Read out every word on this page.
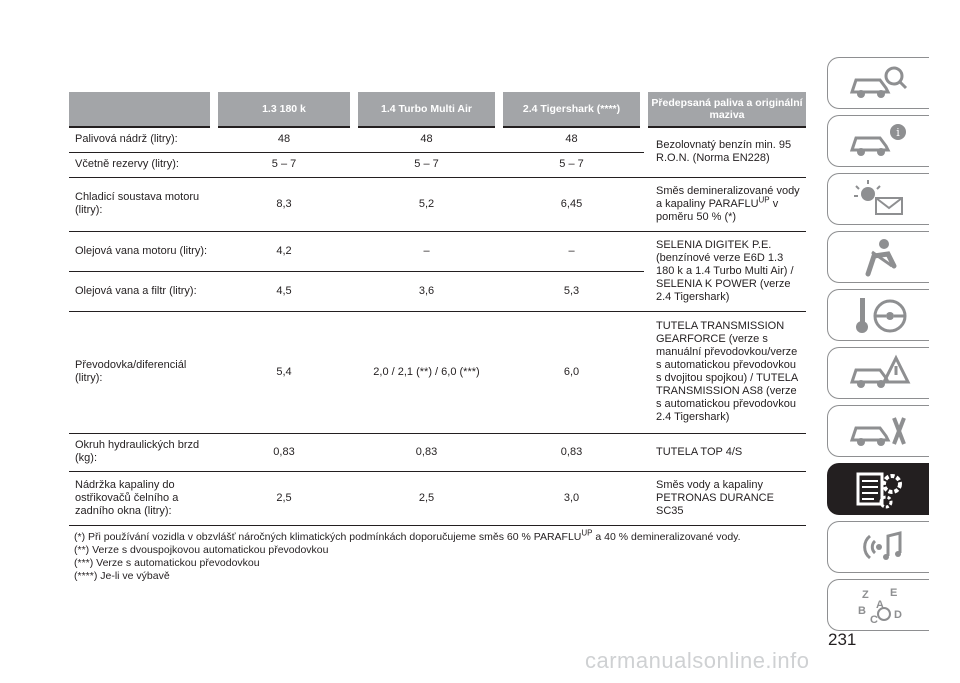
	1.3 180 k	1.4 Turbo Multi Air	2.4 Tigershark (****)	Předepsaná paliva a originální maziva
Palivová nádrž (litry):	48	48	48	Bezolovnatý benzín min. 95 R.O.N. (Norma EN228)
Včetně rezervy (litry):	5 – 7	5 – 7	5 – 7	
Chladicí soustava motoru (litry):	8,3	5,2	6,45	Směs demineralizované vody a kapaliny $PARAFLU^{UP}$ v poměru 50 % (*)
Olejová vana motoru (litry):	4,2	–	–	SELENIA DIGITEK P.E. (benzínové verze E6D 1.3 180 k a 1.4 Turbo Multi Air) / SELENIA K POWER (verze 2.4 Tigershark)
Olejová vana a filtr (litry):	4,5	3,6	5,3	
Převodovka/diferenciál (litry):	5,4	2,0 / 2,1 (**) / 6,0 (***)	6,0	TUTELA TRANSMISSION GEARFORCE (verze s manuální převodovkou/verze s automatickou převodovkou s dvojitou spojkou) / TUTELA TRANSMISSION AS8 (verze s automatickou převodovkou 2.4 Tigershark)
Okruh hydraulických brzd (kg):	0,83	0,83	0,83	TUTELA TOP 4/S
Nádržka kapaliny do ostřikovačů čelního a zadního okna (litry):	2,5	2,5	3,0	Směs vody a kapaliny PETRONAS DURANCE SC35
(*) Při používání vozidla v obzvlášť náročných klimatických podmínkách doporučujeme směs 60 % $PARAFLU^{UP}$ a 40 % demineralizované vody.
(**) Verze s dvouspojkovou automatickou převodovkou
(***) Verze s automatickou převodovkou
(****) Je-li ve výbavě
i
Z E
B A
C D
231
carmanualsonline.info
